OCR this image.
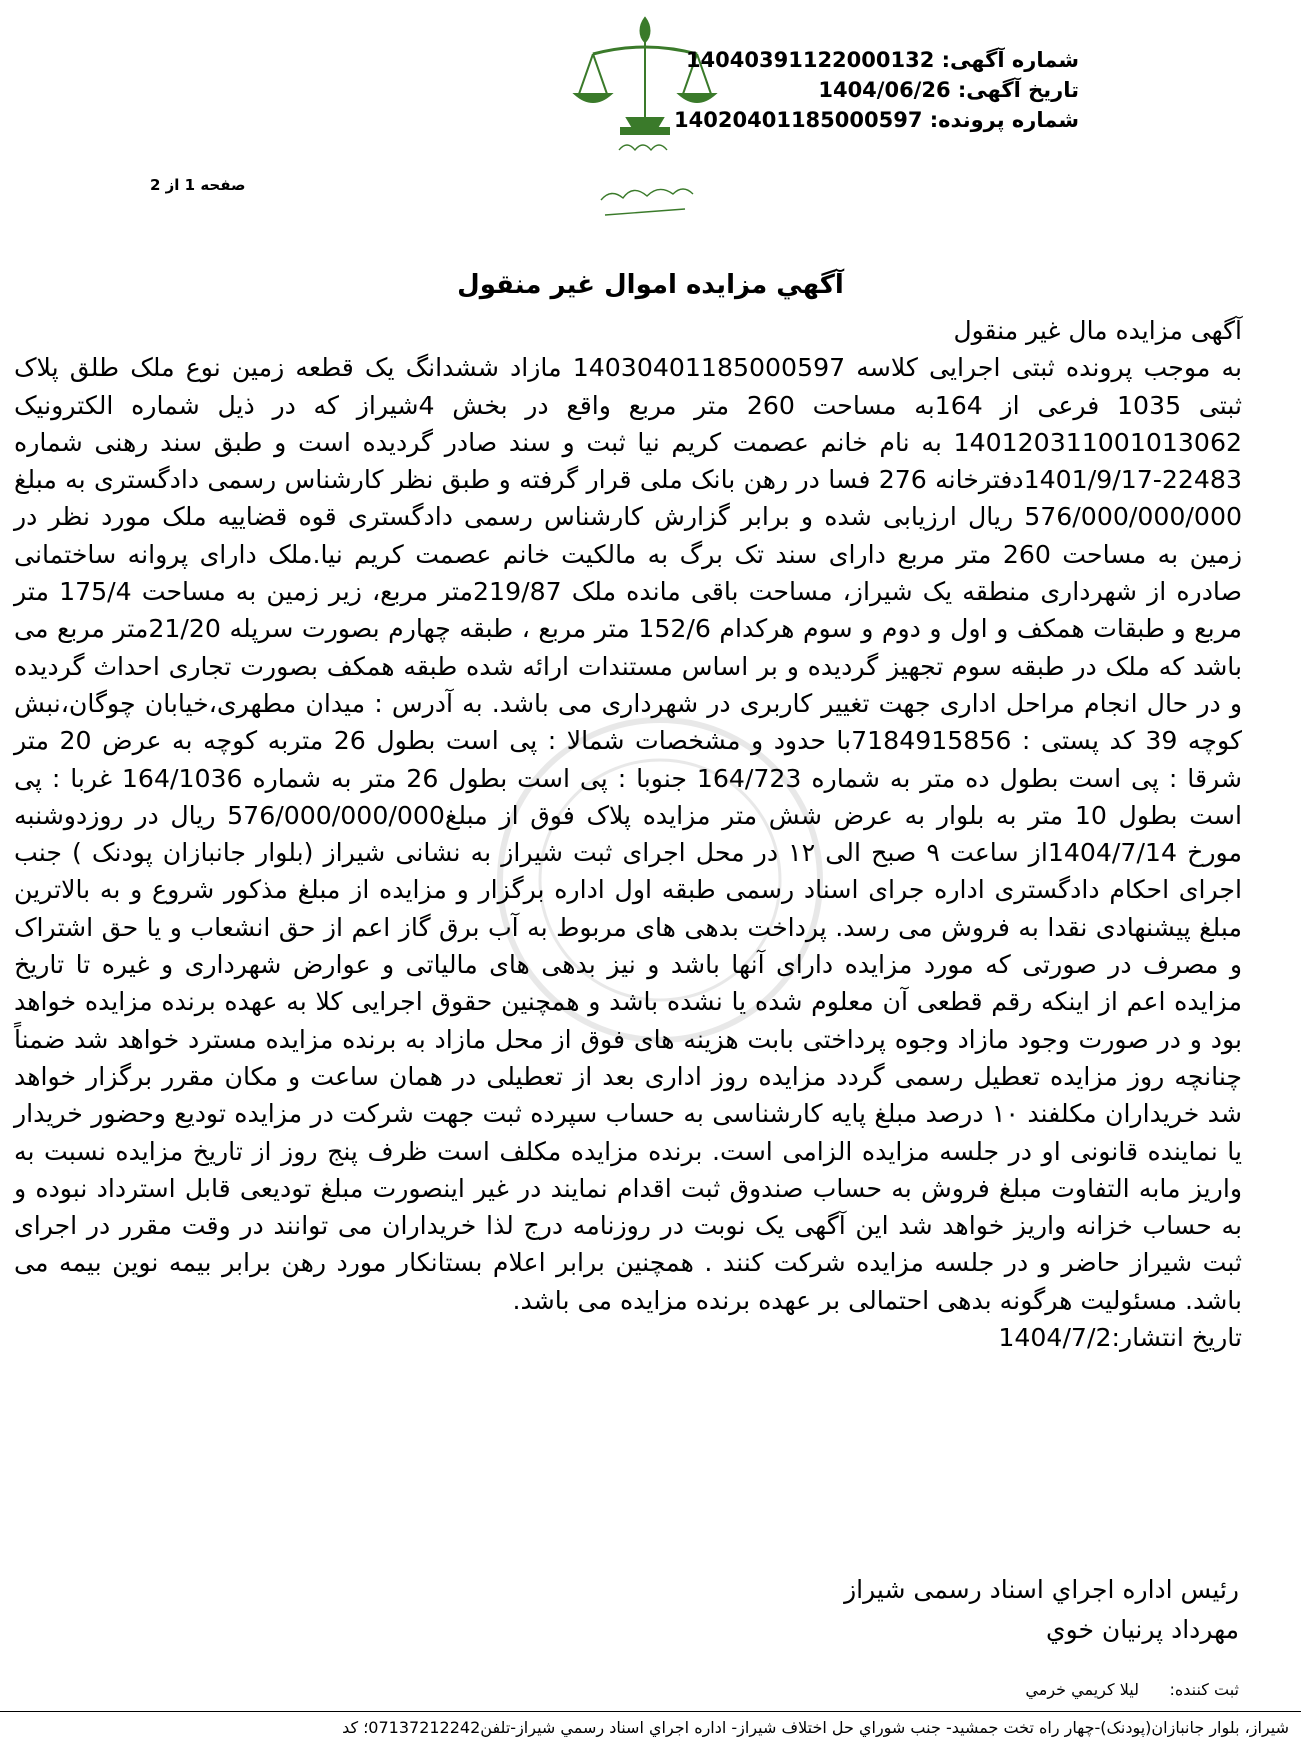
شماره آگهی: 14040391122000132
تاریخ آگهی: 1404/06/26
شماره پرونده: 14020401185000597
صفحه 1 از 2
آگهي مزايده اموال غير منقول

آگهی مزایده مال غیر منقول

به موجب پرونده ثبتی اجرایی کلاسه 14030401185000597 مازاد ششدانگ یک قطعه زمین نوع ملک طلق پلاک ثبتی 1035 فرعی از 164به مساحت 260 متر مربع واقع در بخش 4شیراز که در ذیل شماره الکترونیک 140120311001013062 به نام خانم عصمت کریم نیا ثبت و سند صادر گردیده است و طبق سند رهنی شماره 22483-1401/9/17دفترخانه 276 فسا در رهن بانک ملی قرار گرفته و طبق نظر کارشناس رسمی دادگستری به مبلغ 576/000/000/000 ریال ارزیابی شده و برابر گزارش کارشناس رسمی دادگستری قوه قضاییه ملک مورد نظر در زمین به مساحت 260 متر مربع دارای سند تک برگ به مالکیت خانم عصمت کریم نیا.ملک دارای پروانه ساختمانی صادره از شهرداری منطقه یک شیراز، مساحت باقی مانده ملک 219/87متر مربع، زیر زمین به مساحت 175/4 متر مربع و طبقات همکف و اول و دوم و سوم هرکدام 152/6 متر مربع ، طبقه چهارم بصورت سرپله 21/20متر مربع می باشد که ملک در طبقه سوم تجهیز گردیده و بر اساس مستندات ارائه شده طبقه همکف بصورت تجاری احداث گردیده و در حال انجام مراحل اداری جهت تغییر کاربری در شهرداری می باشد. به آدرس : میدان مطهری،خیابان چوگان،نبش کوچه 39 کد پستی : 7184915856با حدود و مشخصات شمالا : پی است بطول 26 متربه کوچه به عرض 20 متر شرقا : پی است بطول ده متر به شماره 164/723 جنوبا : پی است بطول 26 متر به شماره 164/1036 غربا : پی است بطول 10 متر به بلوار به عرض شش متر مزایده پلاک فوق از مبلغ576/000/000/000 ریال در روزدوشنبه مورخ 1404/7/14از ساعت ۹ صبح الی ۱۲ در محل اجرای ثبت شیراز به نشانی شیراز (بلوار جانبازان پودنک ) جنب اجرای احکام دادگستری اداره جرای اسناد رسمی طبقه اول اداره برگزار و مزایده از مبلغ مذکور شروع و به بالاترین مبلغ پیشنهادی نقدا به فروش می رسد. پرداخت بدهی های مربوط به آب برق گاز اعم از حق انشعاب و یا حق اشتراک و مصرف در صورتی که مورد مزایده دارای آنها باشد و نیز بدهی های مالیاتی و عوارض شهرداری و غیره تا تاریخ مزایده اعم از اینکه رقم قطعی آن معلوم شده یا نشده باشد و همچنین حقوق اجرایی کلا به عهده برنده مزایده خواهد بود و در صورت وجود مازاد وجوه پرداختی بابت هزینه های فوق از محل مازاد به برنده مزایده مسترد خواهد شد ضمناً چنانچه روز مزایده تعطیل رسمی گردد مزایده روز اداری بعد از تعطیلی در همان ساعت و مکان مقرر برگزار خواهد شد خریداران مکلفند ۱۰ درصد مبلغ پایه کارشناسی به حساب سپرده ثبت جهت شرکت در مزایده تودیع وحضور خریدار یا نماینده قانونی او در جلسه مزایده الزامی است. برنده مزایده مکلف است ظرف پنج روز از تاریخ مزایده نسبت به واریز مابه التفاوت مبلغ فروش به حساب صندوق ثبت اقدام نمایند در غیر اینصورت مبلغ تودیعی قابل استرداد نبوده و به حساب خزانه واریز خواهد شد این آگهی یک نوبت در روزنامه درج لذا خریداران می توانند در وقت مقرر در اجرای ثبت شیراز حاضر و در جلسه مزایده شرکت کنند . همچنین برابر اعلام بستانکار مورد رهن برابر بیمه نوین بیمه می باشد. مسئولیت هرگونه بدهی احتمالی بر عهده برنده مزایده می باشد.

تاریخ انتشار:1404/7/2

رئيس اداره اجراي اسناد رسمی شيراز
مهرداد پرنيان خوي
ثبت کننده:      ليلا کريمي خرمي
شيراز، بلوار جانبازان(پودنک)-چهار راه تخت جمشيد- جنب شوراي حل اختلاف شيراز- اداره اجراي اسناد رسمي شيراز-تلفن07137212242؛ کد
